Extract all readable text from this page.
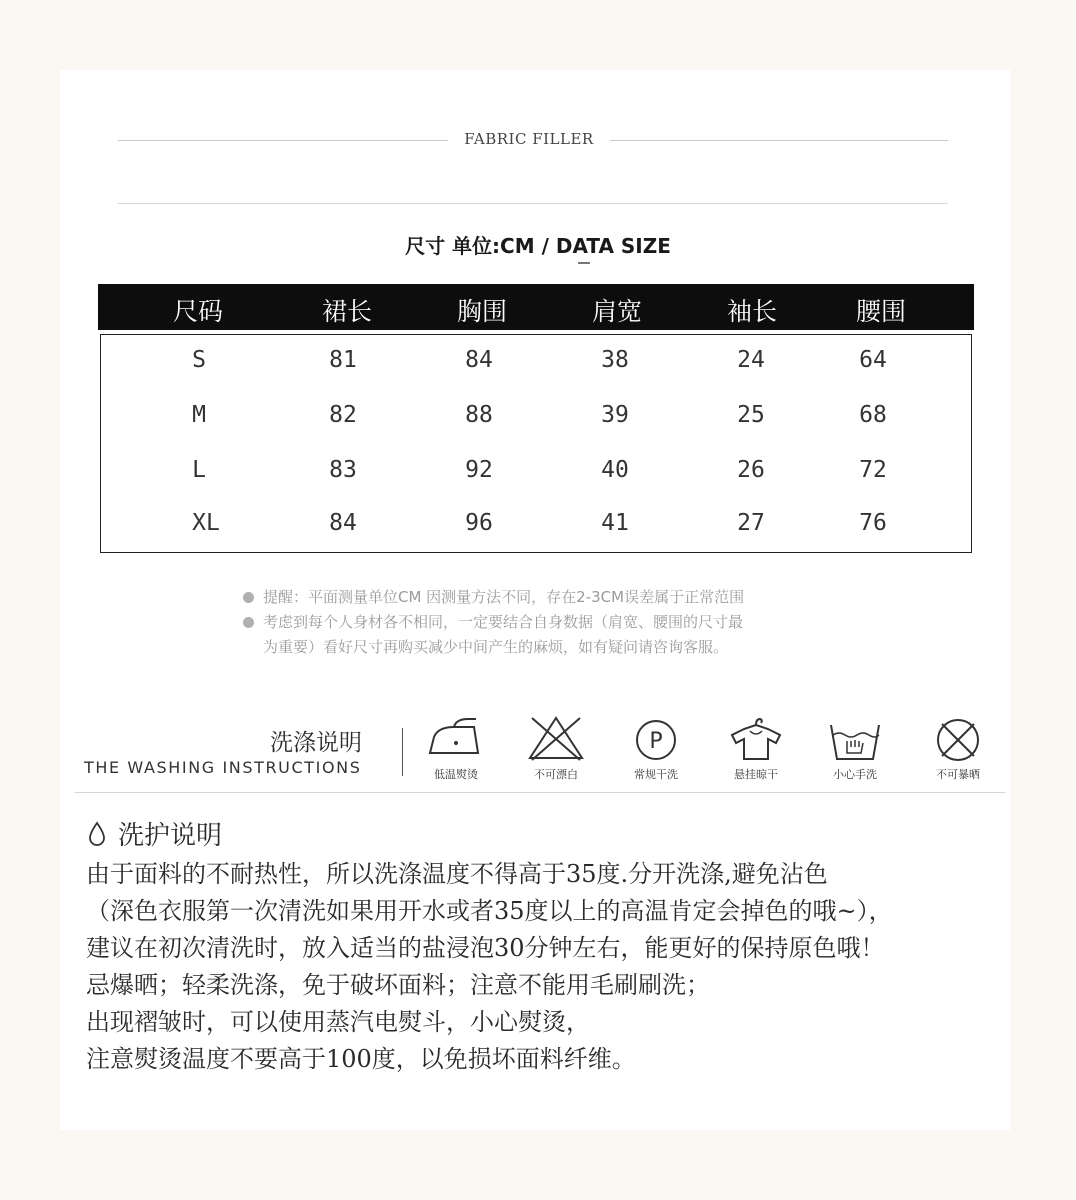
FABRIC FILLER
尺寸 单位:CM / DATA SIZE
尺码	裙长	胸围	肩宽	袖长	腰围
S	81	84	38	24	64
M	82	88	39	25	68
L	83	92	40	26	72
XL	84	96	41	27	76
提醒：平面测量单位CM 因测量方法不同，存在2-3CM误差属于正常范围
考虑到每个人身材各不相同，一定要结合自身数据（肩宽、腰围的尺寸最
为重要）看好尺寸再购买减少中间产生的麻烦，如有疑问请咨询客服。
洗涤说明
THE WASHING INSTRUCTIONS	低温熨烫	不可漂白
P
常规干洗	悬挂晾干	小心手洗	不可暴晒
洗护说明
由于面料的不耐热性，所以洗涤温度不得高于35度.分开洗涤,避免沾色
（深色衣服第一次清洗如果用开水或者35度以上的高温肯定会掉色的哦~），
建议在初次清洗时，放入适当的盐浸泡30分钟左右，能更好的保持原色哦！
忌爆晒；轻柔洗涤，免于破坏面料；注意不能用毛刷刷洗；
出现褶皱时，可以使用蒸汽电熨斗，小心熨烫，
注意熨烫温度不要高于100度，以免损坏面料纤维。
